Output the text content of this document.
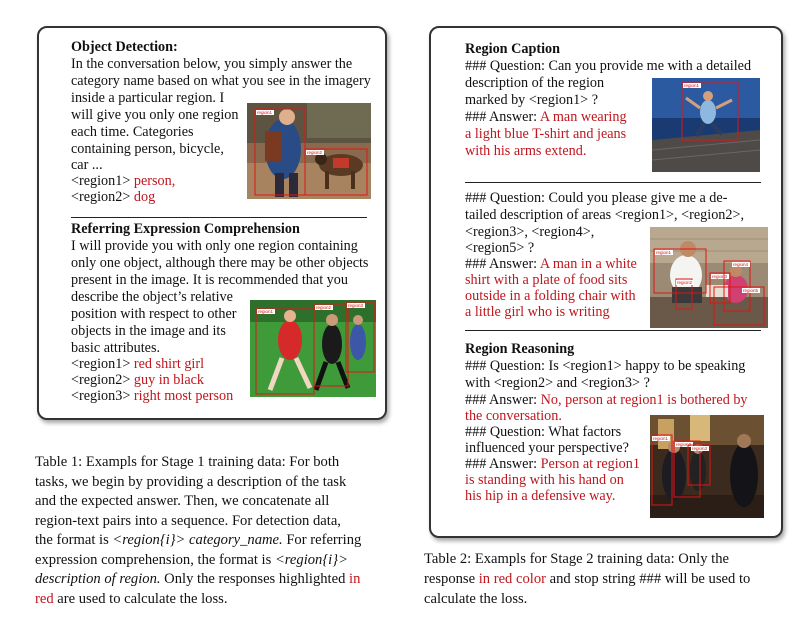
Object Detection:
In the conversation below, you simply answer the
category name based on what you see in the imagery
inside a particular region. I
will give you only one region
each time. Categories
containing person, bicycle,
car ...
<region1> person,
<region2> dog
region1
region2
Referring Expression Comprehension
I will provide you with only one region containing
only one object, although there may be other objects
present in the image. It is recommended that you
describe the object’s relative
position with respect to other
objects in the image and its
basic attributes.
<region1> red shirt girl
<region2> guy in black
<region3> right most person
region1
region2	region3
Table 1: Exampls for Stage 1 training data: For both
tasks, we begin by providing a description of the task
and the expected answer. Then, we concatenate all
region-text pairs into a sequence. For detection data,
the format is <region{i}> category_name. For referring
expression comprehension, the format is <region{i}>
description of region. Only the responses highlighted in
red are used to calculate the loss.
Region Caption
### Question: Can you provide me with a detailed
description of the region
marked by <region1> ?
### Answer: A man wearing
a light blue T-shirt and jeans
with his arms extend.
region1
### Question: Could you please give me a de-
tailed description of areas <region1>, <region2>,
<region3>, <region4>,
<region5> ?
### Answer: A man in a white
shirt with a plate of food sits
outside in a folding chair with
a little girl who is writing
region1
region2
region3
region4
region5
Region Reasoning
### Question: Is <region1> happy to be speaking
with <region2> and <region3> ?
### Answer: No, person at region1 is bothered by
the conversation.
### Question: What factors
influenced your perspective?
### Answer: Person at region1
is standing with his hand on
his hip in a defensive way.
region1
region2
region3
Table 2: Exampls for Stage 2 training data: Only the
response in red color and stop string ### will be used to
calculate the loss.
